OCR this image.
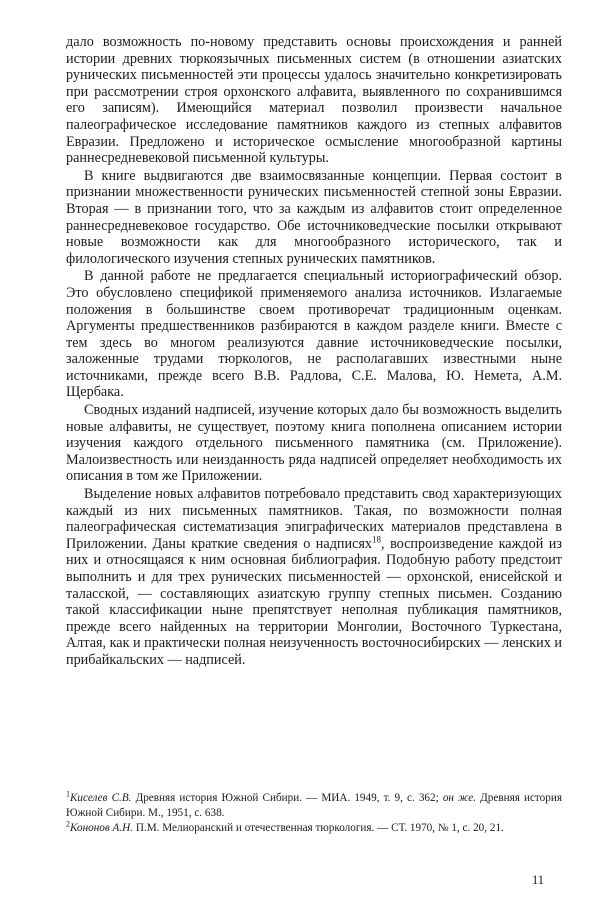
дало возможность по-новому представить основы происхождения и ранней истории древних тюркоязычных письменных систем (в отношении азиатских рунических письменностей эти процессы удалось значительно конкретизировать при рассмотрении строя орхонского алфавита, выявленного по сохранившимся его записям). Имеющийся материал позволил произвести начальное палеографическое исследование памятников каждого из степных алфавитов Евразии. Предложено и историческое осмысление многообразной картины раннесредневековой письменной культуры.

В книге выдвигаются две взаимосвязанные концепции. Первая состоит в признании множественности рунических письменностей степной зоны Евразии. Вторая — в признании того, что за каждым из алфавитов стоит определенное раннесредневековое государство. Обе источниковедческие посылки открывают новые возможности как для многообразного исторического, так и филологического изучения степных рунических памятников.

В данной работе не предлагается специальный историографический обзор. Это обусловлено спецификой применяемого анализа источников. Излагаемые положения в большинстве своем противоречат традиционным оценкам. Аргументы предшественников разбираются в каждом разделе книги. Вместе с тем здесь во многом реализуются давние источниковедческие посылки, заложенные трудами тюркологов, не располагавших известными ныне источниками, прежде всего В.В. Радлова, С.Е. Малова, Ю. Немета, А.М. Щербака.

Сводных изданий надписей, изучение которых дало бы возможность выделить новые алфавиты, не существует, поэтому книга пополнена описанием истории изучения каждого отдельного письменного памятника (см. Приложение). Малоизвестность или неизданность ряда надписей определяет необходимость их описания в том же Приложении.

Выделение новых алфавитов потребовало представить свод характеризующих каждый из них письменных памятников. Такая, по возможности полная палеографическая систематизация эпиграфических материалов представлена в Приложении. Даны краткие сведения о надписях$^{18}$, воспроизведение каждой из них и относящаяся к ним основная библиография. Подобную работу предстоит выполнить и для трех рунических письменностей — орхонской, енисейской и таласской, — составляющих азиатскую группу степных письмен. Созданию такой классификации ныне препятствует неполная публикация памятников, прежде всего найденных на территории Монголии, Восточного Туркестана, Алтая, как и практически полная неизученность восточносибирских — ленских и прибайкальских — надписей.

$^1$Киселев С.В. Древняя история Южной Сибири. — МИА. 1949, т. 9, с. 362; он же. Древняя история Южной Сибири. М., 1951, с. 638.

$^2$Кононов А.Н. П.М. Мелиоранский и отечественная тюркология. — СТ. 1970, № 1, с. 20, 21.

11
